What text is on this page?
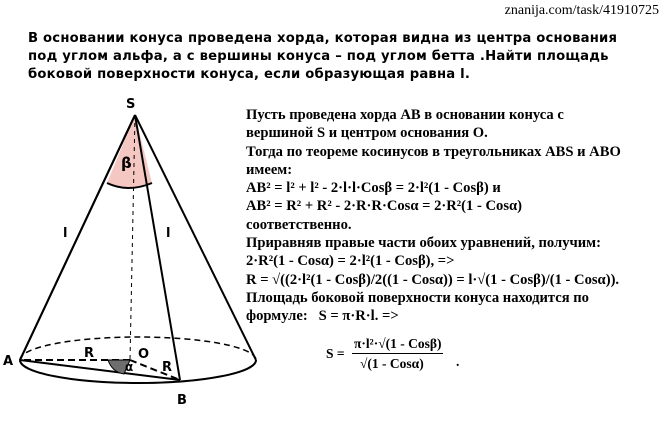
znanija.com/task/41910725
В основании конуса проведена хорда, которая видна из центра основания
под углом альфа, а с вершины конуса – под углом бетта .Найти площадь
боковой поверхности конуса, если образующая равна l.
S
β
l	l
A
R	O
α R
B
Пусть проведена хорда AB в основании конуса с
вершиной S и центром основания O.
Тогда по теореме косинусов в треугольниках ABS и ABO
имеем:
AB² = l² + l² - 2·l·l·Cosβ = 2·l²(1 - Cosβ) и
AB² = R² + R² - 2·R·R·Cosα = 2·R²(1 - Cosα)
соответственно.
Приравняв правые части обоих уравнений, получим:
2·R²(1 - Cosα) = 2·l²(1 - Cosβ), =>
R = √((2·l²(1 - Cosβ)/2((1 - Cosα)) = l·√(1 - Cosβ)/(1 - Cosα)).
Площадь боковой поверхности конуса находится по
формуле: S = π·R·l. =>
S =
π·l²·√(1 - Cosβ)
√(1 - Cosα) .
